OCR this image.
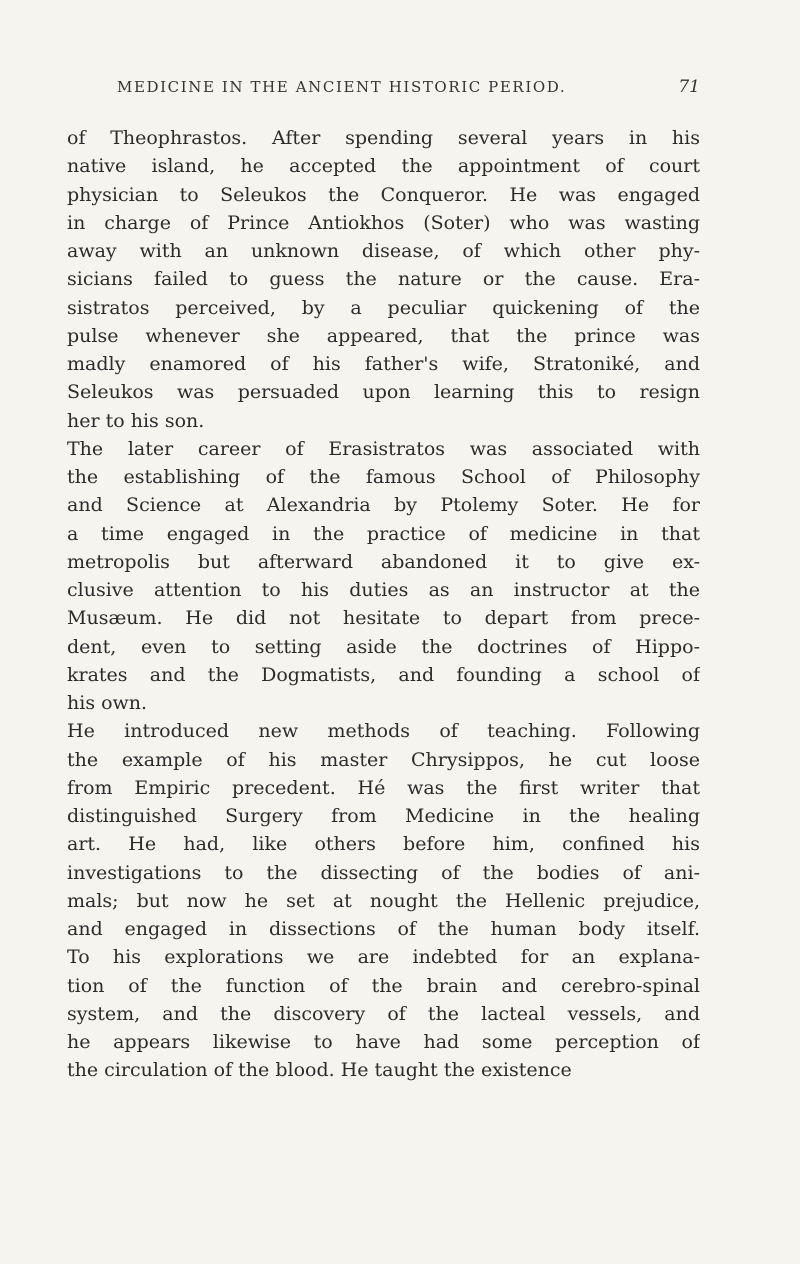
MEDICINE IN THE ANCIENT HISTORIC PERIOD.	71
of Theophrastos. After spending several years in his
native island, he accepted the appointment of court
physician to Seleukos the Conqueror. He was engaged
in charge of Prince Antiokhos (Soter) who was wasting
away with an unknown disease, of which other phy-
sicians failed to guess the nature or the cause. Era-
sistratos perceived, by a peculiar quickening of the
pulse whenever she appeared, that the prince was
madly enamored of his father's wife, Stratoniké, and
Seleukos was persuaded upon learning this to resign
her to his son.
The later career of Erasistratos was associated with
the establishing of the famous School of Philosophy
and Science at Alexandria by Ptolemy Soter. He for
a time engaged in the practice of medicine in that
metropolis but afterward abandoned it to give ex-
clusive attention to his duties as an instructor at the
Musæum. He did not hesitate to depart from prece-
dent, even to setting aside the doctrines of Hippo-
krates and the Dogmatists, and founding a school of
his own.
He introduced new methods of teaching. Following
the example of his master Chrysippos, he cut loose
from Empiric precedent. Hé was the first writer that
distinguished Surgery from Medicine in the healing
art. He had, like others before him, confined his
investigations to the dissecting of the bodies of ani-
mals; but now he set at nought the Hellenic prejudice,
and engaged in dissections of the human body itself.
To his explorations we are indebted for an explana-
tion of the function of the brain and cerebro-spinal
system, and the discovery of the lacteal vessels, and
he appears likewise to have had some perception of
the circulation of the blood. He taught the existence
